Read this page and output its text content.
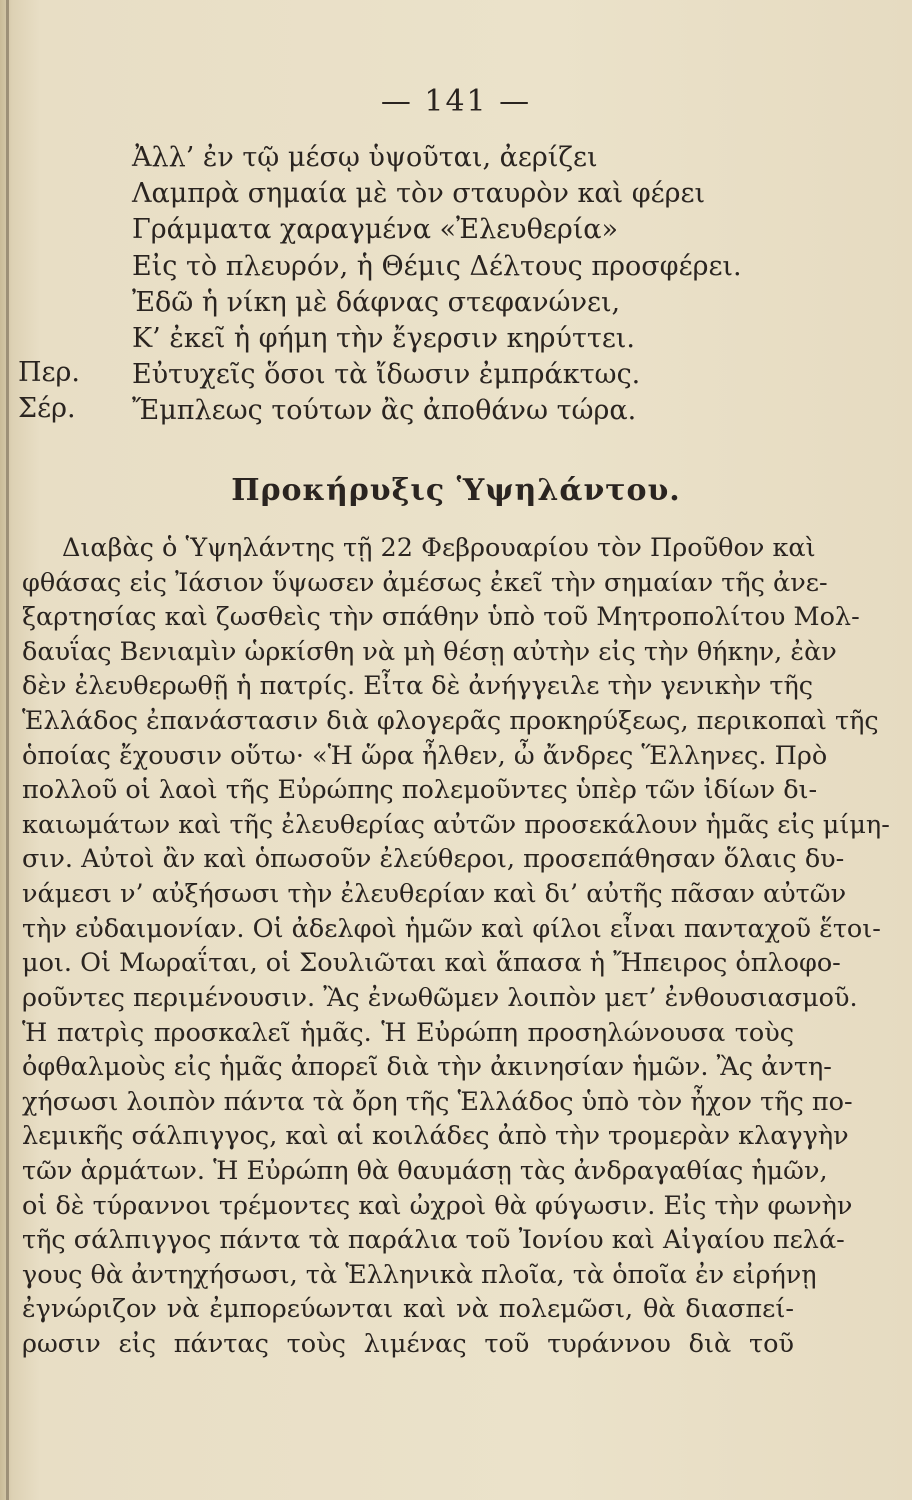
— 141 —
Περ.
Σέρ.
Ἀλλ’ ἐν τῷ μέσῳ ὑψοῦται, ἀερίζει
Λαμπρὰ σημαία μὲ τὸν σταυρὸν καὶ φέρει
Γράμματα χαραγμένα «Ἐλευθερία»
Εἰς τὸ πλευρόν, ἡ Θέμις Δέλτους προσφέρει.
Ἐδῶ ἡ νίκη μὲ δάφνας στεφανώνει,
Κ’ ἐκεῖ ἡ φήμη τὴν ἔγερσιν κηρύττει.
Εὐτυχεῖς ὅσοι τὰ ἴδωσιν ἐμπράκτως.
Ἔμπλεως τούτων ἂς ἀποθάνω τώρα.
Προκήρυξις Ὑψηλάντου.
Διαβὰς ὁ Ὑψηλάντης τῇ 22 Φεβρουαρίου τὸν Προῦθον καὶ
φθάσας εἰς Ἰάσιον ὕψωσεν ἀμέσως ἐκεῖ τὴν σημαίαν τῆς ἀνε-
ξαρτησίας καὶ ζωσθεὶς τὴν σπάθην ὑπὸ τοῦ Μητροπολίτου Μολ-
δαυΐας Βενιαμὶν ὡρκίσθη νὰ μὴ θέσῃ αὐτὴν εἰς τὴν θήκην, ἐὰν
δὲν ἐλευθερωθῇ ἡ πατρίς. Εἶτα δὲ ἀνήγγειλε τὴν γενικὴν τῆς
Ἑλλάδος ἐπανάστασιν διὰ φλογερᾶς προκηρύξεως, περικοπαὶ τῆς
ὁποίας ἔχουσιν οὕτω· «Ἡ ὥρα ἦλθεν, ὦ ἄνδρες Ἕλληνες. Πρὸ
πολλοῦ οἱ λαοὶ τῆς Εὐρώπης πολεμοῦντες ὑπὲρ τῶν ἰδίων δι-
καιωμάτων καὶ τῆς ἐλευθερίας αὐτῶν προσεκάλουν ἡμᾶς εἰς μίμη-
σιν. Αὐτοὶ ἂν καὶ ὁπωσοῦν ἐλεύθεροι, προσεπάθησαν ὅλαις δυ-
νάμεσι ν’ αὐξήσωσι τὴν ἐλευθερίαν καὶ δι’ αὐτῆς πᾶσαν αὐτῶν
τὴν εὐδαιμονίαν. Οἱ ἀδελφοὶ ἡμῶν καὶ φίλοι εἶναι πανταχοῦ ἕτοι-
μοι. Οἱ Μωραΐται, οἱ Σουλιῶται καὶ ἅπασα ἡ Ἤπειρος ὁπλοφο-
ροῦντες περιμένουσιν. Ἂς ἐνωθῶμεν λοιπὸν μετ’ ἐνθουσιασμοῦ.
Ἡ πατρὶς προσκαλεῖ ἡμᾶς. Ἡ Εὐρώπη προσηλώνουσα τοὺς
ὀφθαλμοὺς εἰς ἡμᾶς ἀπορεῖ διὰ τὴν ἀκινησίαν ἡμῶν. Ἂς ἀντη-
χήσωσι λοιπὸν πάντα τὰ ὄρη τῆς Ἑλλάδος ὑπὸ τὸν ἦχον τῆς πο-
λεμικῆς σάλπιγγος, καὶ αἱ κοιλάδες ἀπὸ τὴν τρομερὰν κλαγγὴν
τῶν ἁρμάτων. Ἡ Εὐρώπη θὰ θαυμάσῃ τὰς ἀνδραγαθίας ἡμῶν,
οἱ δὲ τύραννοι τρέμοντες καὶ ὠχροὶ θὰ φύγωσιν. Εἰς τὴν φωνὴν
τῆς σάλπιγγος πάντα τὰ παράλια τοῦ Ἰονίου καὶ Αἰγαίου πελά-
γους θὰ ἀντηχήσωσι, τὰ Ἑλληνικὰ πλοῖα, τὰ ὁποῖα ἐν εἰρήνῃ
ἐγνώριζον νὰ ἐμπορεύωνται καὶ νὰ πολεμῶσι, θὰ διασπεί-
ρωσιν εἰς πάντας τοὺς λιμένας τοῦ τυράννου διὰ τοῦ
